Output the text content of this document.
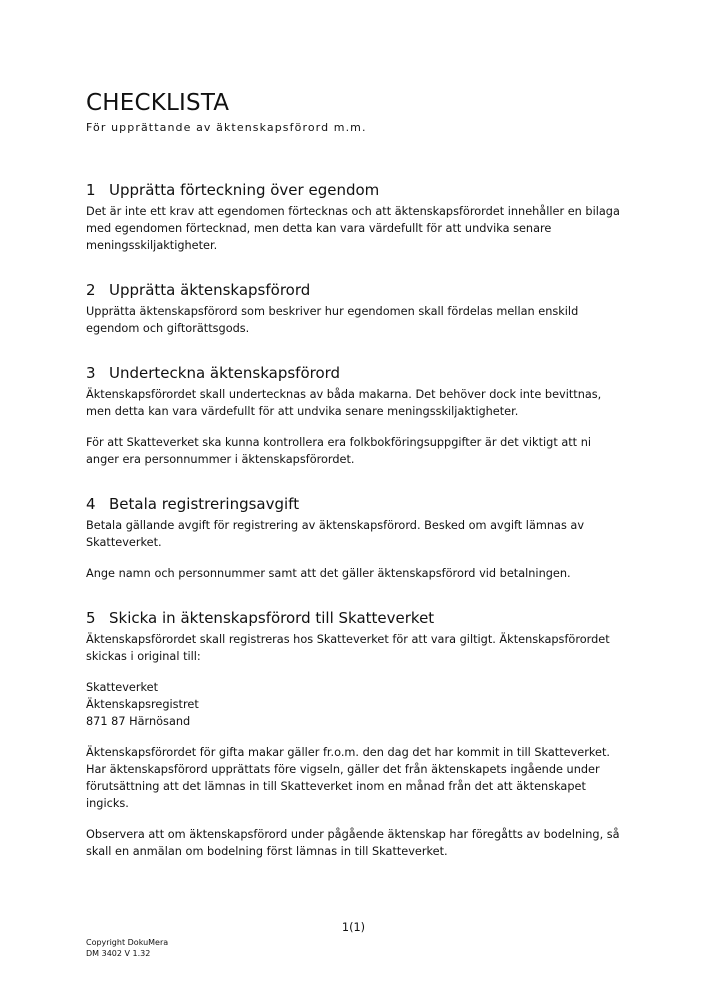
CHECKLISTA

För upprättande av äktenskapsförord m.m.

1 Upprätta förteckning över egendom

Det är inte ett krav att egendomen förtecknas och att äktenskapsförordet innehåller en bilaga med egendomen förtecknad, men detta kan vara värdefullt för att undvika senare meningsskiljaktigheter.

2 Upprätta äktenskapsförord

Upprätta äktenskapsförord som beskriver hur egendomen skall fördelas mellan enskild egendom och giftorättsgods.

3 Underteckna äktenskapsförord

Äktenskapsförordet skall undertecknas av båda makarna. Det behöver dock inte bevittnas, men detta kan vara värdefullt för att undvika senare meningsskiljaktigheter.

För att Skatteverket ska kunna kontrollera era folkbokföringsuppgifter är det viktigt att ni anger era personnummer i äktenskapsförordet.

4 Betala registreringsavgift

Betala gällande avgift för registrering av äktenskapsförord. Besked om avgift lämnas av Skatteverket.

Ange namn och personnummer samt att det gäller äktenskapsförord vid betalningen.

5 Skicka in äktenskapsförord till Skatteverket

Äktenskapsförordet skall registreras hos Skatteverket för att vara giltigt. Äktenskapsförordet skickas i original till:

Skatteverket
Äktenskapsregistret
871 87 Härnösand

Äktenskapsförordet för gifta makar gäller fr.o.m. den dag det har kommit in till Skatteverket. Har äktenskapsförord upprättats före vigseln, gäller det från äktenskapets ingående under förutsättning att det lämnas in till Skatteverket inom en månad från det att äktenskapet ingicks.

Observera att om äktenskapsförord under pågående äktenskap har föregåtts av bodelning, så skall en anmälan om bodelning först lämnas in till Skatteverket.

1(1)
Copyright DokuMera
DM 3402 V 1.32
